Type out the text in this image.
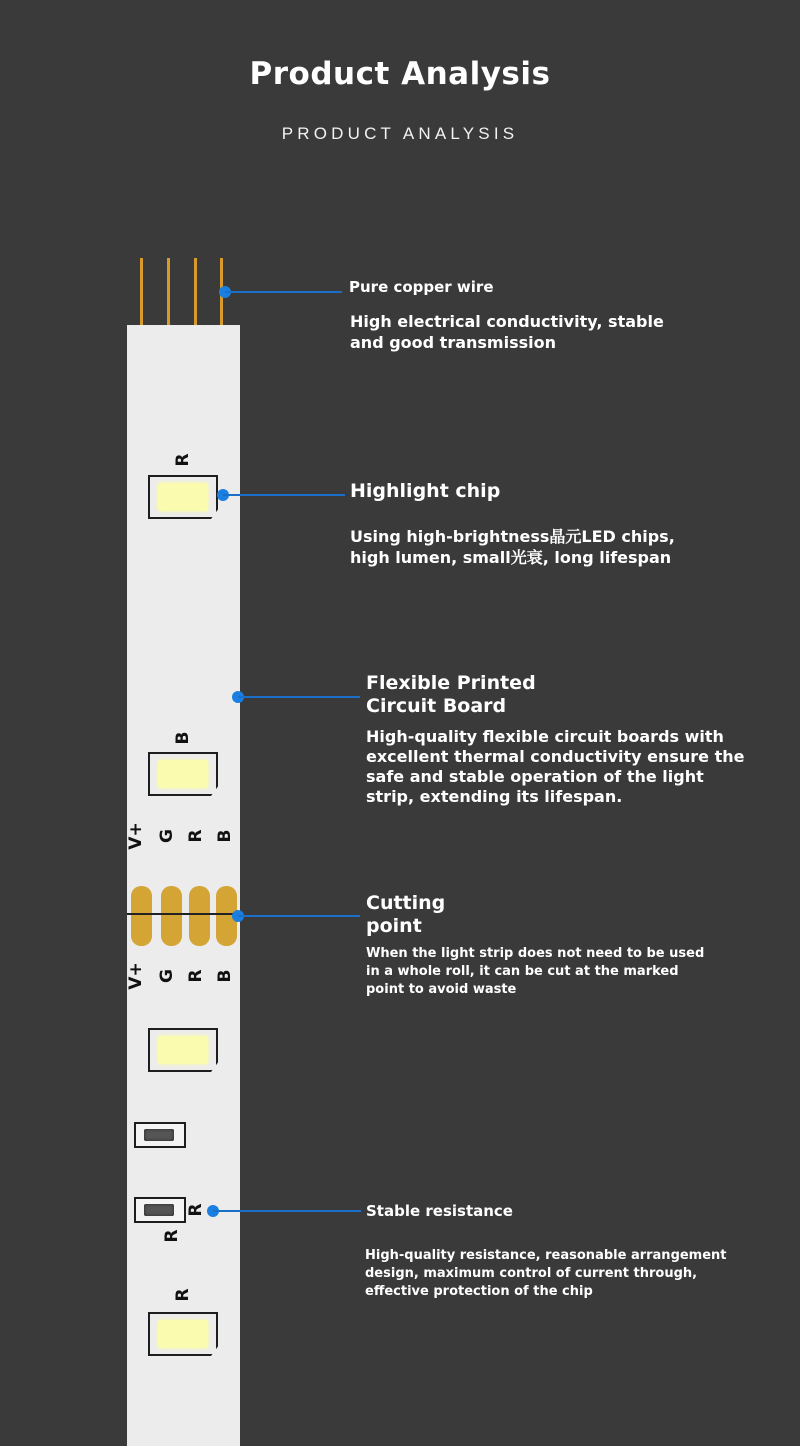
Product Analysis
PRODUCT ANALYSIS
R
B
V+ G R B
V+ G R B
R
R
R
Pure copper wire
High electrical conductivity, stable
and good transmission
Highlight chip
Using high-brightness晶元LED chips,
high lumen, small光衰, long lifespan
Flexible Printed
Circuit Board
High-quality flexible circuit boards with
excellent thermal conductivity ensure the
safe and stable operation of the light
strip, extending its lifespan.
Cutting
point
When the light strip does not need to be used
in a whole roll, it can be cut at the marked
point to avoid waste
Stable resistance
High-quality resistance, reasonable arrangement
design, maximum control of current through,
effective protection of the chip
